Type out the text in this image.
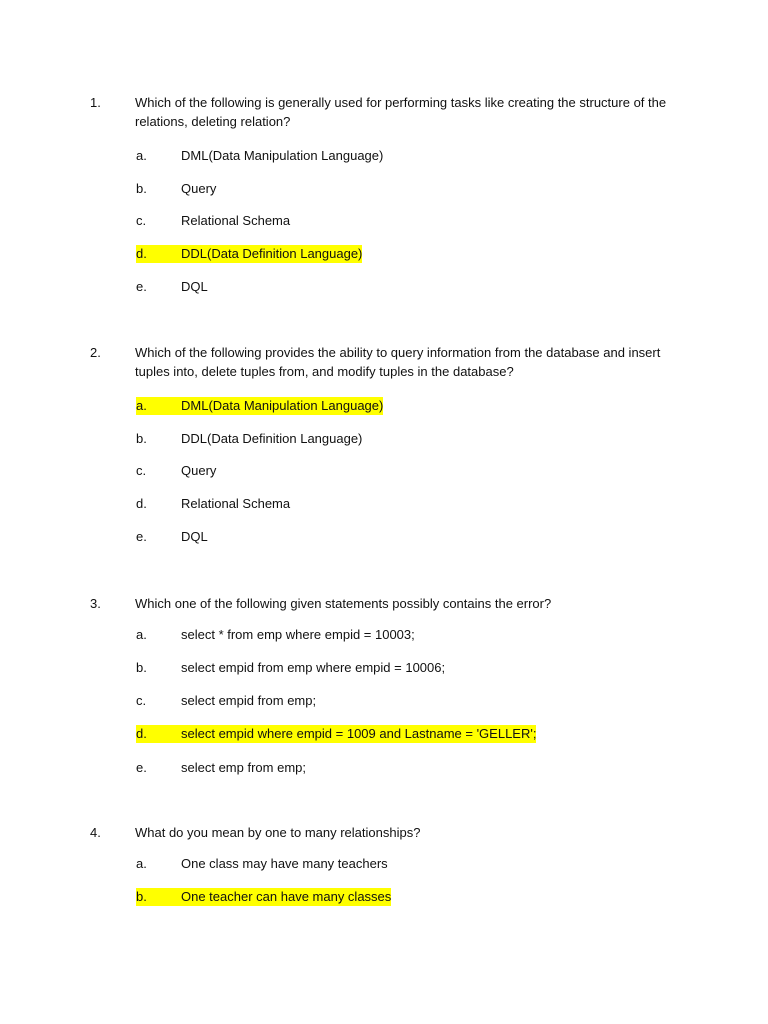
1.	Which of the following is generally used for performing tasks like creating the structure of the relations, deleting relation?
a.	DML(Data Manipulation Language)
b.	Query
c.	Relational Schema
d.	DDL(Data Definition Language)
e.	DQL
2.	Which of the following provides the ability to query information from the database and insert tuples into, delete tuples from, and modify tuples in the database?
a.	DML(Data Manipulation Language)
b.	DDL(Data Definition Language)
c.	Query
d.	Relational Schema
e.	DQL
3.	Which one of the following given statements possibly contains the error?
a.	select * from emp where empid = 10003;
b.	select empid from emp where empid = 10006;
c.	select empid from emp;
d.	select empid where empid = 1009 and Lastname = 'GELLER';
e.	select emp from emp;
4.	What do you mean by one to many relationships?
a.	One class may have many teachers
b.	One teacher can have many classes
